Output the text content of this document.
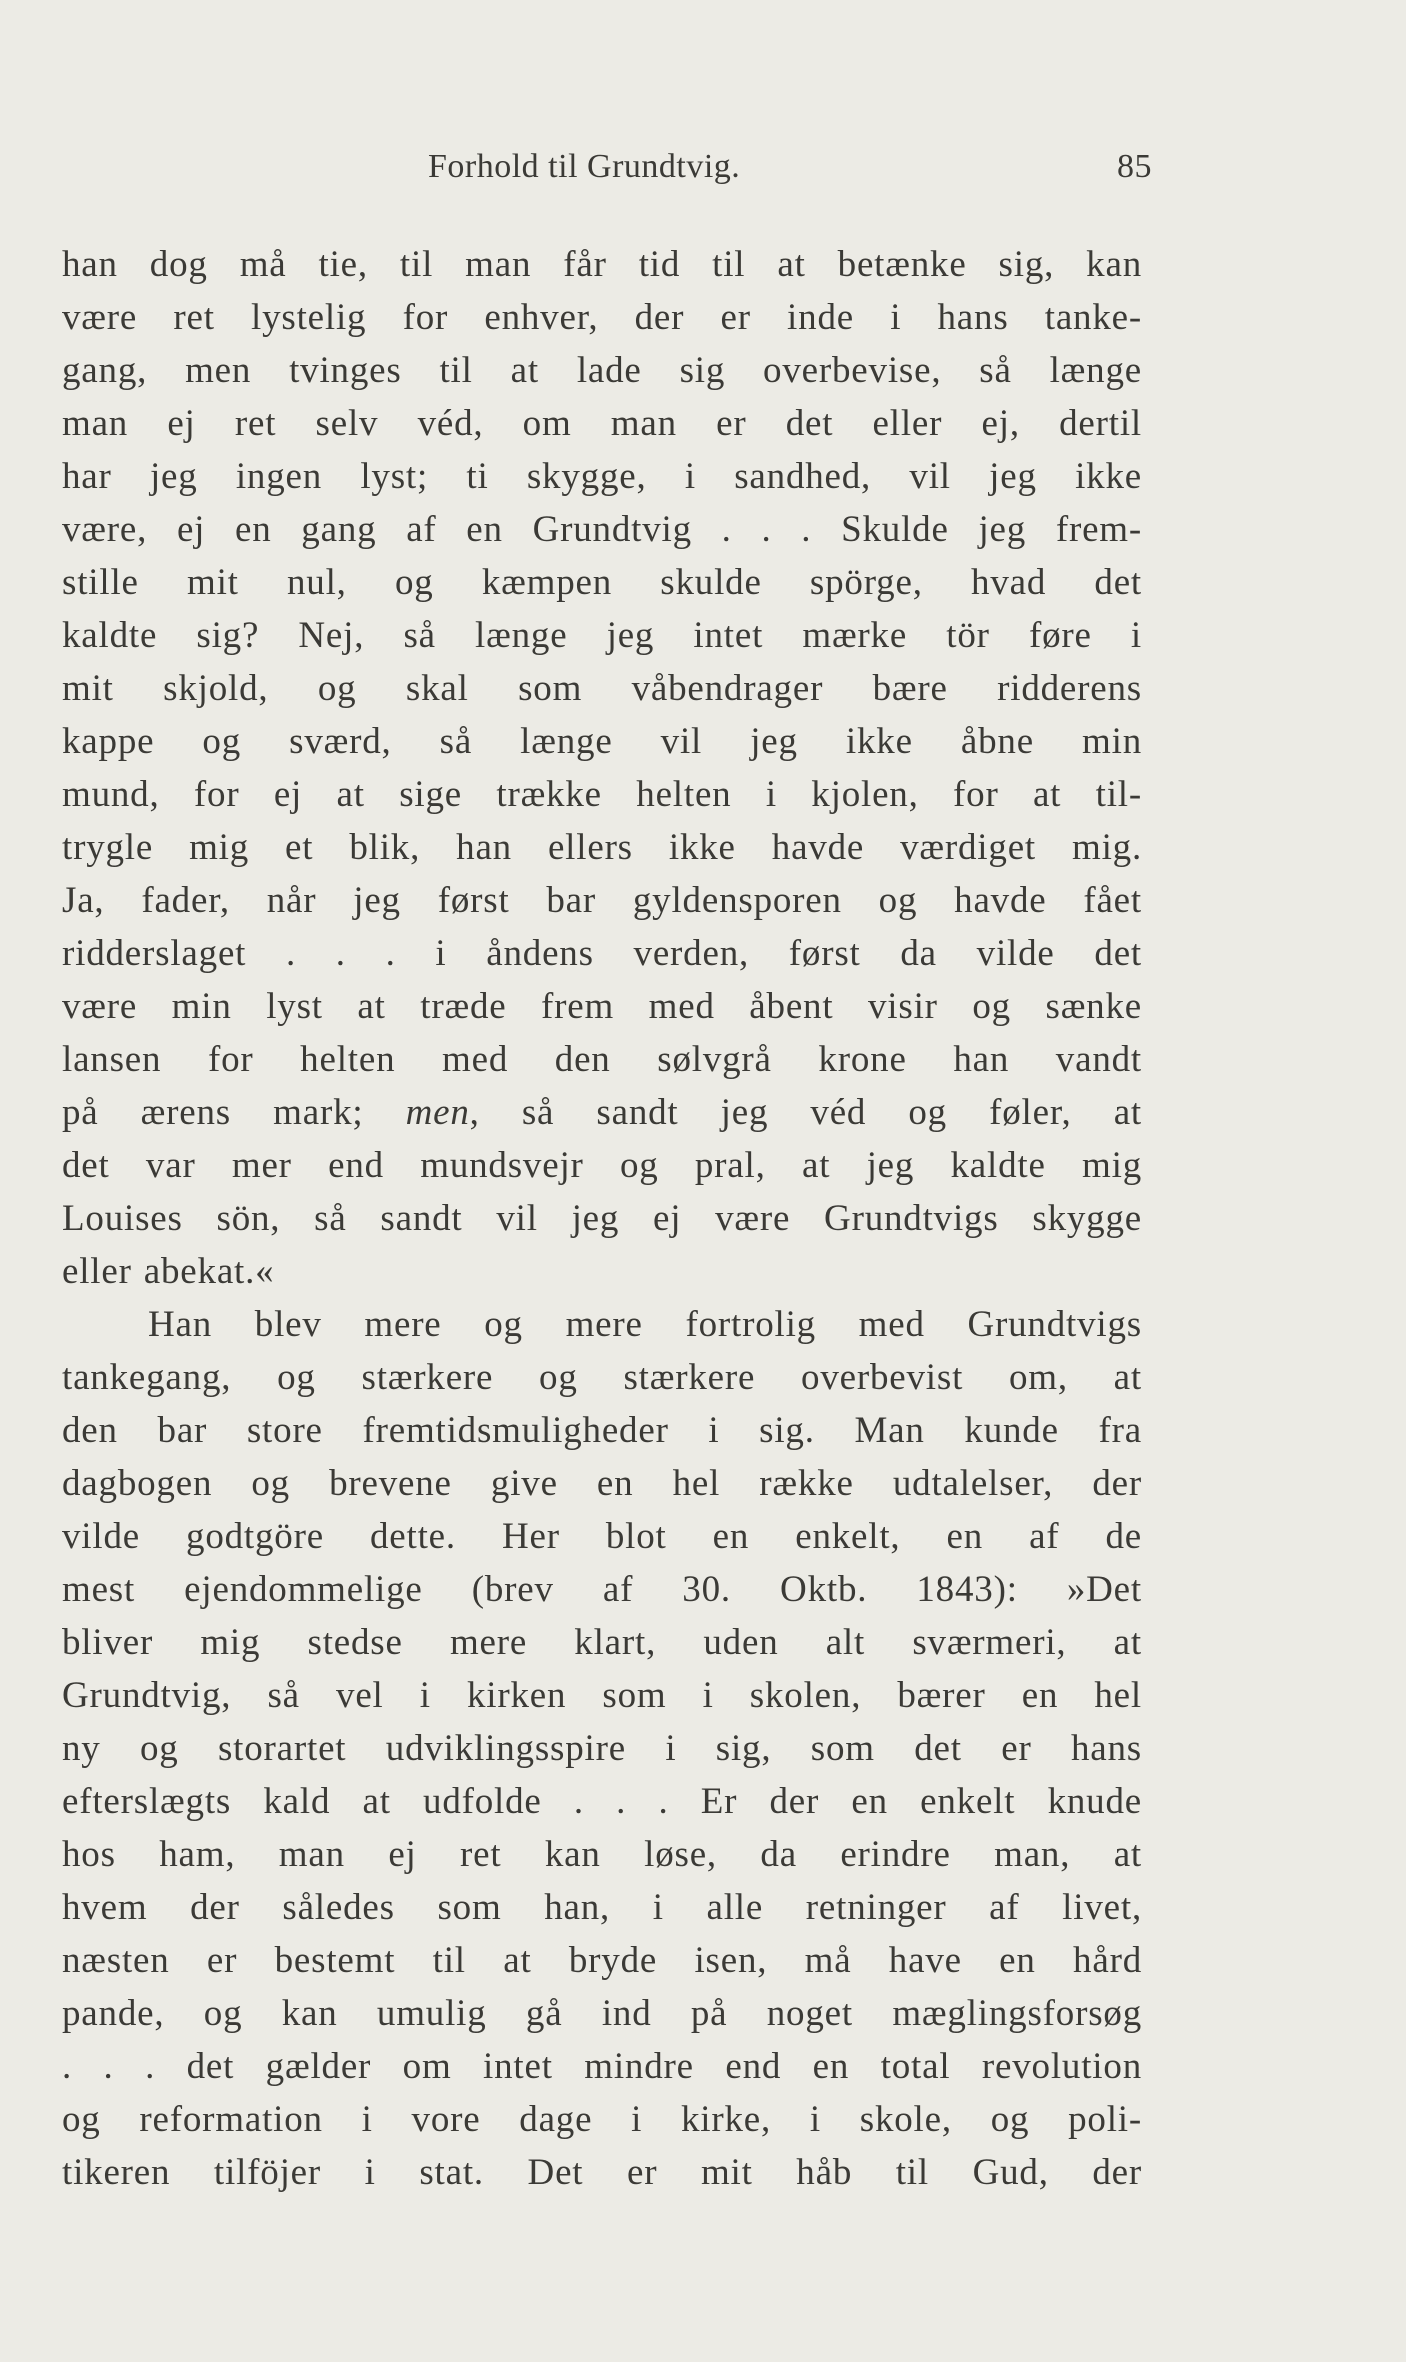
Forhold til Grundtvig.	85
han dog må tie, til man får tid til at betænke sig, kan
være ret lystelig for enhver, der er inde i hans tanke-
gang, men tvinges til at lade sig overbevise, så længe
man ej ret selv véd, om man er det eller ej, dertil
har jeg ingen lyst; ti skygge, i sandhed, vil jeg ikke
være, ej en gang af en Grundtvig . . . Skulde jeg frem-
stille mit nul, og kæmpen skulde spörge, hvad det
kaldte sig? Nej, så længe jeg intet mærke tör føre i
mit skjold, og skal som våbendrager bære ridderens
kappe og sværd, så længe vil jeg ikke åbne min
mund, for ej at sige trække helten i kjolen, for at til-
trygle mig et blik, han ellers ikke havde værdiget mig.
Ja, fader, når jeg først bar gyldensporen og havde fået
ridderslaget . . . i åndens verden, først da vilde det
være min lyst at træde frem med åbent visir og sænke
lansen for helten med den sølvgrå krone han vandt
på ærens mark; men, så sandt jeg véd og føler, at
det var mer end mundsvejr og pral, at jeg kaldte mig
Louises sön, så sandt vil jeg ej være Grundtvigs skygge
eller abekat.«
Han blev mere og mere fortrolig med Grundtvigs
tankegang, og stærkere og stærkere overbevist om, at
den bar store fremtidsmuligheder i sig. Man kunde fra
dagbogen og brevene give en hel række udtalelser, der
vilde godtgöre dette. Her blot en enkelt, en af de
mest ejendommelige (brev af 30. Oktb. 1843): »Det
bliver mig stedse mere klart, uden alt sværmeri, at
Grundtvig, så vel i kirken som i skolen, bærer en hel
ny og storartet udviklingsspire i sig, som det er hans
efterslægts kald at udfolde . . . Er der en enkelt knude
hos ham, man ej ret kan løse, da erindre man, at
hvem der således som han, i alle retninger af livet,
næsten er bestemt til at bryde isen, må have en hård
pande, og kan umulig gå ind på noget mæglingsforsøg
. . . det gælder om intet mindre end en total revolution
og reformation i vore dage i kirke, i skole, og poli-
tikeren tilföjer i stat. Det er mit håb til Gud, der
